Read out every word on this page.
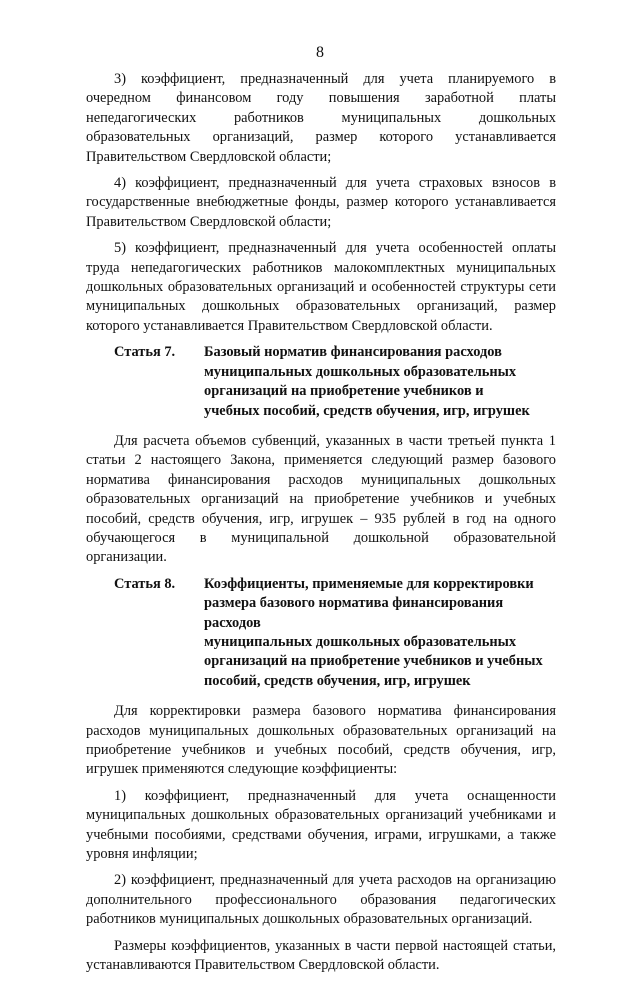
8

3) коэффициент, предназначенный для учета планируемого в очередном финансовом году повышения заработной платы непедагогических работников муниципальных дошкольных образовательных организаций, размер которого устанавливается Правительством Свердловской области;

4) коэффициент, предназначенный для учета страховых взносов в государственные внебюджетные фонды, размер которого устанавливается Правительством Свердловской области;

5) коэффициент, предназначенный для учета особенностей оплаты труда непедагогических работников малокомплектных муниципальных дошкольных образовательных организаций и особенностей структуры сети муниципальных дошкольных образовательных организаций, размер которого устанавливается Правительством Свердловской области.

Статья 7.	Базовый норматив финансирования расходов
муниципальных дошкольных образовательных
организаций на приобретение учебников и
учебных пособий, средств обучения, игр, игрушек

Для расчета объемов субвенций, указанных в части третьей пункта 1 статьи 2 настоящего Закона, применяется следующий размер базового норматива финансирования расходов муниципальных дошкольных образовательных организаций на приобретение учебников и учебных пособий, средств обучения, игр, игрушек – 935 рублей в год на одного обучающегося в муниципальной дошкольной образовательной организации.

Статья 8.	Коэффициенты, применяемые для корректировки
размера базового норматива финансирования расходов
муниципальных дошкольных образовательных
организаций на приобретение учебников и учебных
пособий, средств обучения, игр, игрушек

Для корректировки размера базового норматива финансирования расходов муниципальных дошкольных образовательных организаций на приобретение учебников и учебных пособий, средств обучения, игр, игрушек применяются следующие коэффициенты:

1) коэффициент, предназначенный для учета оснащенности муниципальных дошкольных образовательных организаций учебниками и учебными пособиями, средствами обучения, играми, игрушками, а также уровня инфляции;

2) коэффициент, предназначенный для учета расходов на организацию дополнительного профессионального образования педагогических работников муниципальных дошкольных образовательных организаций.

Размеры коэффициентов, указанных в части первой настоящей статьи, устанавливаются Правительством Свердловской области.
